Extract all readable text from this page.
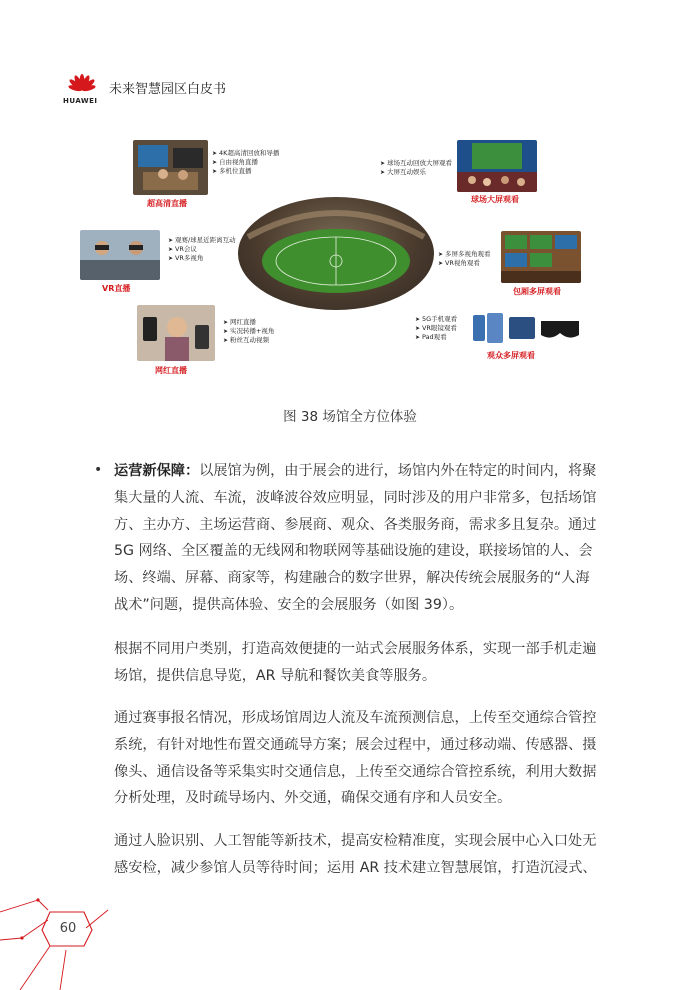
HUAWEI
未来智慧园区白皮书
➤ 4K超高清回放和导播
➤ 自由视角直播
➤ 多机位直播
超高清直播
➤ 球场互动回放大屏观看
➤ 大屏互动娱乐
球场大屏观看
➤ 观赛/球星近距离互动
➤ VR会议
➤ VR多视角
VR直播
➤ 多屏多视角观看
➤ VR视角观看
包厢多屏观看
➤ 网红直播
➤ 实况转播+视角
➤ 粉丝互动视频
网红直播
➤ 5G手机观看
➤ VR眼镜观看
➤ Pad观看
观众多屏观看
图 38 场馆全方位体验
• 运营新保障：以展馆为例，由于展会的进行，场馆内外在特定的时间内，将聚集大量的人流、车流，波峰波谷效应明显，同时涉及的用户非常多，包括场馆方、主办方、主场运营商、参展商、观众、各类服务商，需求多且复杂。通过 5G 网络、全区覆盖的无线网和物联网等基础设施的建设，联接场馆的人、会场、终端、屏幕、商家等，构建融合的数字世界，解决传统会展服务的“人海战术”问题，提供高体验、安全的会展服务（如图 39）。

根据不同用户类别，打造高效便捷的一站式会展服务体系，实现一部手机走遍场馆，提供信息导览，AR 导航和餐饮美食等服务。

通过赛事报名情况，形成场馆周边人流及车流预测信息，上传至交通综合管控系统，有针对地性布置交通疏导方案；展会过程中，通过移动端、传感器、摄像头、通信设备等采集实时交通信息，上传至交通综合管控系统，利用大数据分析处理，及时疏导场内、外交通，确保交通有序和人员安全。

通过人脸识别、人工智能等新技术，提高安检精准度，实现会展中心入口处无感安检，减少参馆人员等待时间；运用 AR 技术建立智慧展馆，打造沉浸式、

60
